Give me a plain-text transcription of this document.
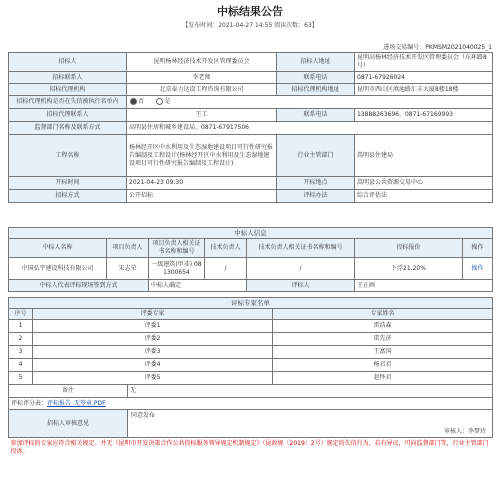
中标结果公告
【发布时间：2021-04-27 14:55 阅读次数：63】
进场交易编号：PKMSM2021040025_1
招标人	昆明杨林经济技术开发区管理委员会	招标人地址	昆明高杨林经济技术开发区管理委员会（东环路8号）
招标联系人	李老师	联系电话	0871-67926024
招标代理机构	北京泰力达设工程咨询有限公司	招标代理机构地址	昆明市西山区滇池路汇丰大厦8楼18楼
招标代理机构是否在失信被执行名单内	否 是		
招标代理联系人	王工	联系电话	13888263696，0871-67169993
监督部门名称及联系方式	高明县住房和城乡建设局、0871-67917506		
工程名称	杨林经开区中水利用及生态湿地建设项目可行性研究报告编制及工程设计(杨林经开区中水利用及生态湿地建设项目可行性研究报告编制及工程设计)	行业主管部门	嵩明县住建局
开标时间	2021-04-23 09:30	开标地点	嵩明县公共资源交易中心
招标方式	公开招标	评标办法	综合评估法
中标人信息						
中标人名称	项目负责人	项目负责人相关证书名称和编号	技术负责人	技术负责人相关证书名称和编号	投标报价	操作
中国弘宇建设科技有限公司	宋志荣	一级建筑(甲非) 081300654	/	/	下浮21.20%	操作
中标人代表评标现场签到方式		中标人确定		评标人	王正画	
评标专家名单			
序号	评委专家		专家姓名
1	评委1		雷浩森
2	评委2		雷先济
3	评委3		王富国
4	评委4		杨君君
5	评委5		赵怀君
备注		无	
评标评分表：评标报告_无签章.PDF			
招标人审核意见		同意发布
审核人：李梦玲	

参加评标的专家应符合相关规定。并无《昆明市开发决策合作公共投标服务领导规定机制规定》（昆政规〔2019〕2号）规定的失信行为，若有异议，可向监督部门等，行业主管部门投诉。			
